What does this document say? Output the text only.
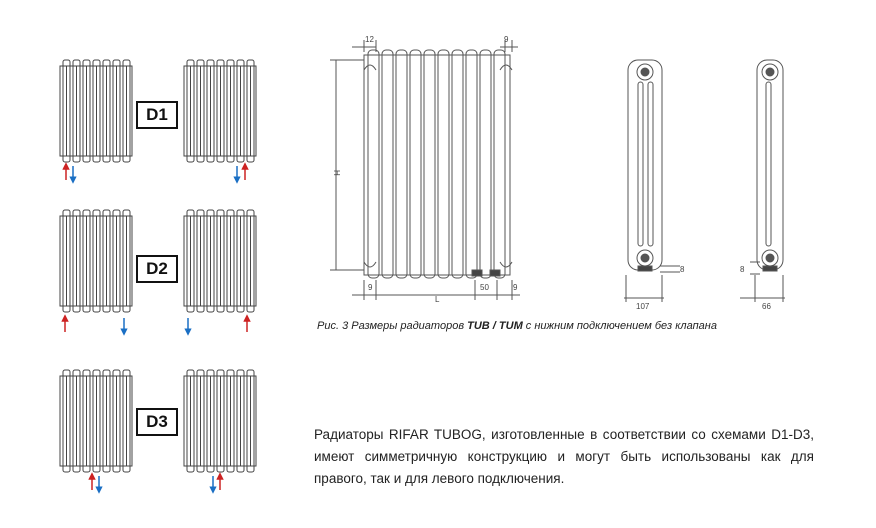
D1
D2
D3
12	9
H
9
L
50	9
8
107
8
66
Рис. 3 Размеры радиаторов TUB / TUM с нижним подключением без клапана
Радиаторы RIFAR TUBOG, изготовленные в соответствии со схемами D1-D3, имеют симметричную конструкцию и могут быть использованы как для правого, так и для левого подключения.
